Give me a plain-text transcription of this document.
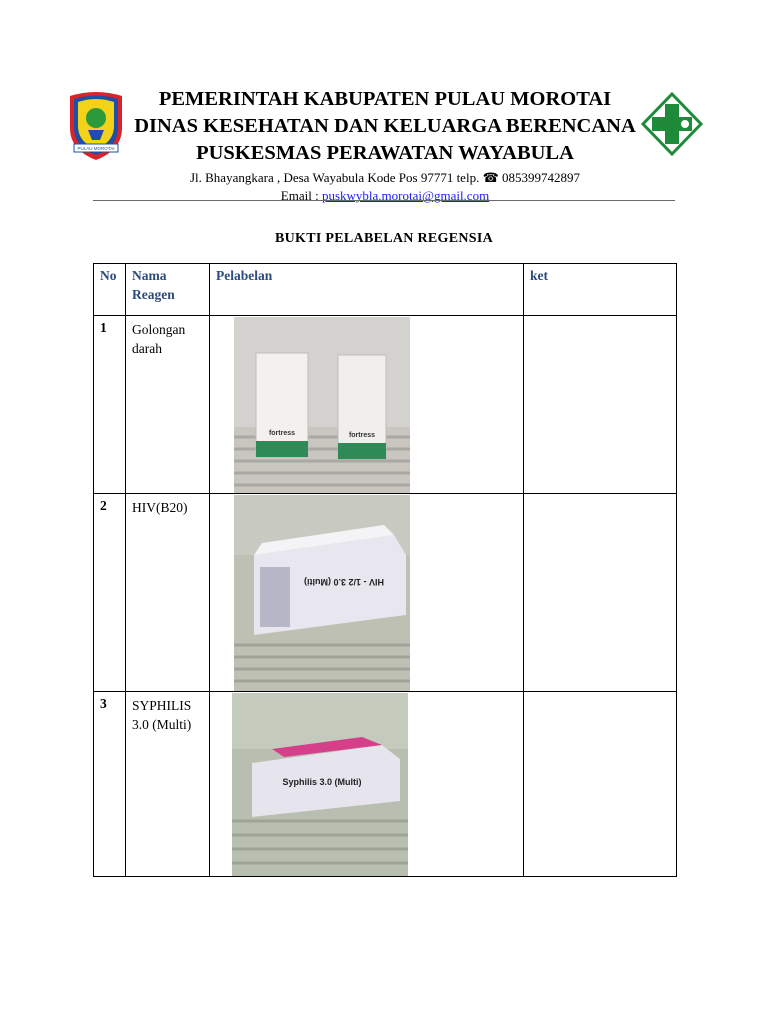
PULAU MOROTAI
PEMERINTAH KABUPATEN PULAU MOROTAI
DINAS KESEHATAN DAN KELUARGA BERENCANA
PUSKESMAS PERAWATAN WAYABULA
Jl. Bhayangkara , Desa Wayabula Kode Pos 97771 telp. ☎ 085399742897
Email : puskwybla.morotai@gmail.com
BUKTI PELABELAN REGENSIA
No	Nama Reagen	Pelabelan	ket
1	Golongan darah	fortress fortress	

2	HIV(B20)	HIV - 1/2 3.0 (Multi)	

3	SYPHILIS 3.0 (Multi)	Syphilis 3.0 (Multi)	
